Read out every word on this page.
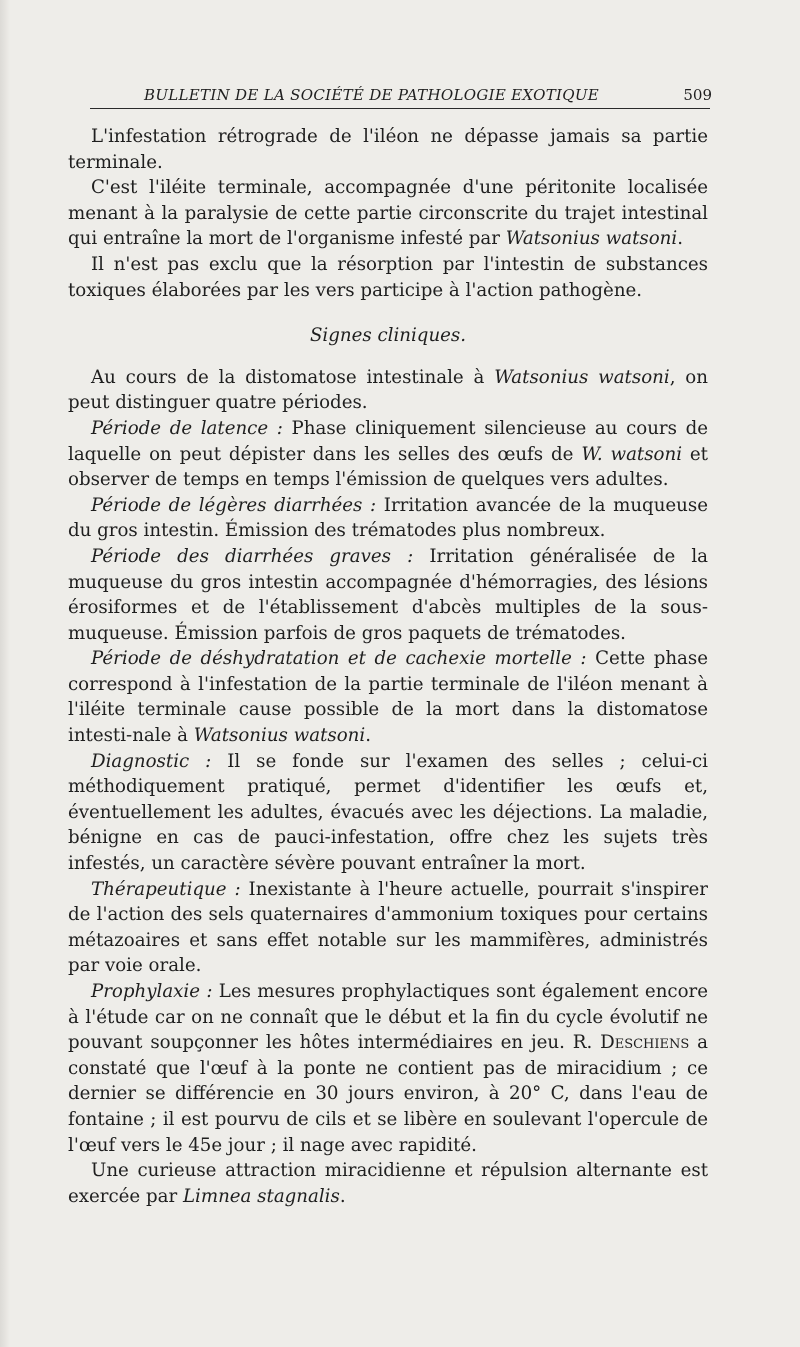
BULLETIN DE LA SOCIÉTÉ DE PATHOLOGIE EXOTIQUE	509

L'infestation rétrograde de l'iléon ne dépasse jamais sa partie terminale.

C'est l'iléite terminale, accompagnée d'une péritonite localisée menant à la paralysie de cette partie circonscrite du trajet intestinal qui entraîne la mort de l'organisme infesté par Watsonius watsoni.

Il n'est pas exclu que la résorption par l'intestin de substances toxiques élaborées par les vers participe à l'action pathogène.

Signes cliniques.

Au cours de la distomatose intestinale à Watsonius watsoni, on peut distinguer quatre périodes.

Période de latence : Phase cliniquement silencieuse au cours de laquelle on peut dépister dans les selles des œufs de W. watsoni et observer de temps en temps l'émission de quelques vers adultes.

Période de légères diarrhées : Irritation avancée de la muqueuse du gros intestin. Émission des trématodes plus nombreux.

Période des diarrhées graves : Irritation généralisée de la muqueuse du gros intestin accompagnée d'hémorragies, des lésions érosiformes et de l'établissement d'abcès multiples de la sous-muqueuse. Émission parfois de gros paquets de trématodes.

Période de déshydratation et de cachexie mortelle : Cette phase correspond à l'infestation de la partie terminale de l'iléon menant à l'iléite terminale cause possible de la mort dans la distomatose intesti-nale à Watsonius watsoni.

Diagnostic : Il se fonde sur l'examen des selles ; celui-ci méthodiquement pratiqué, permet d'identifier les œufs et, éventuellement les adultes, évacués avec les déjections. La maladie, bénigne en cas de pauci-infestation, offre chez les sujets très infestés, un caractère sévère pouvant entraîner la mort.

Thérapeutique : Inexistante à l'heure actuelle, pourrait s'inspirer de l'action des sels quaternaires d'ammonium toxiques pour certains métazoaires et sans effet notable sur les mammifères, administrés par voie orale.

Prophylaxie : Les mesures prophylactiques sont également encore à l'étude car on ne connaît que le début et la fin du cycle évolutif ne pouvant soupçonner les hôtes intermédiaires en jeu. R. Deschiens a constaté que l'œuf à la ponte ne contient pas de miracidium ; ce dernier se différencie en 30 jours environ, à 20° C, dans l'eau de fontaine ; il est pourvu de cils et se libère en soulevant l'opercule de l'œuf vers le 45e jour ; il nage avec rapidité.

Une curieuse attraction miracidienne et répulsion alternante est exercée par Limnea stagnalis.
